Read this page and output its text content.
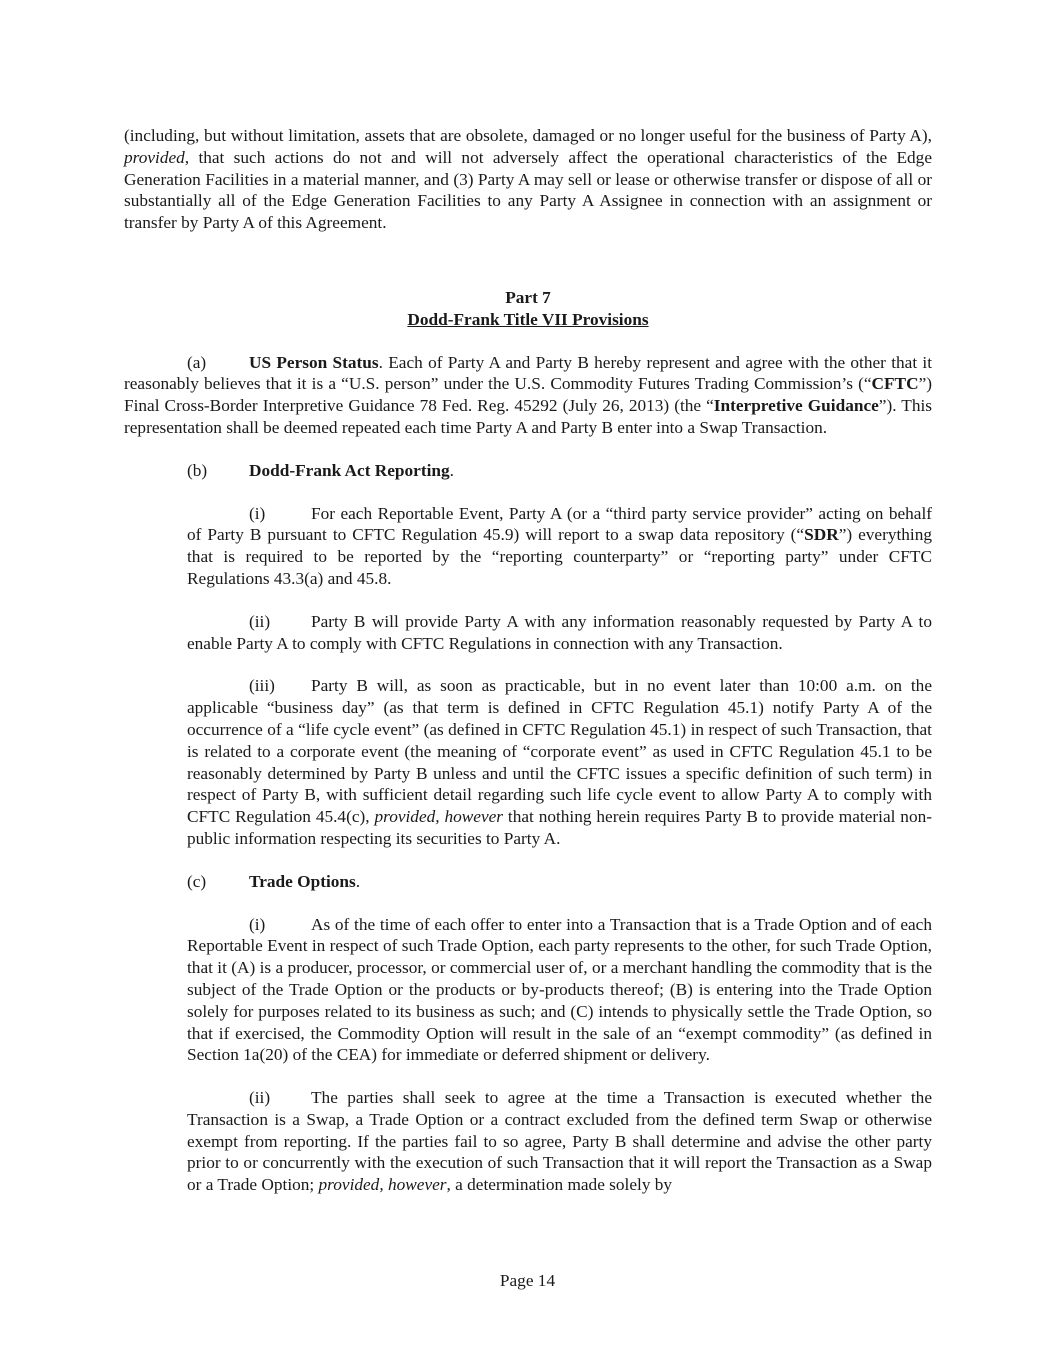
(including, but without limitation, assets that are obsolete, damaged or no longer useful for the business of Party A), provided, that such actions do not and will not adversely affect the operational characteristics of the Edge Generation Facilities in a material manner, and (3) Party A may sell or lease or otherwise transfer or dispose of all or substantially all of the Edge Generation Facilities to any Party A Assignee in connection with an assignment or transfer by Party A of this Agreement.

Part 7
Dodd-Frank Title VII Provisions

(a) US Person Status. Each of Party A and Party B hereby represent and agree with the other that it reasonably believes that it is a “U.S. person” under the U.S. Commodity Futures Trading Commission’s (“CFTC”) Final Cross-Border Interpretive Guidance 78 Fed. Reg. 45292 (July 26, 2013) (the “Interpretive Guidance”). This representation shall be deemed repeated each time Party A and Party B enter into a Swap Transaction.

(b) Dodd-Frank Act Reporting.

(i)	For each Reportable Event, Party A (or a “third party service provider” acting on behalf of Party B pursuant to CFTC Regulation 45.9) will report to a swap data repository (“SDR”) everything that is required to be reported by the “reporting counterparty” or “reporting party” under CFTC Regulations 43.3(a) and 45.8.

(ii) Party B will provide Party A with any information reasonably requested by Party A to enable Party A to comply with CFTC Regulations in connection with any Transaction.

(iii) Party B will, as soon as practicable, but in no event later than 10:00 a.m. on the applicable “business day” (as that term is defined in CFTC Regulation 45.1) notify Party A of the occurrence of a “life cycle event” (as defined in CFTC Regulation 45.1) in respect of such Transaction, that is related to a corporate event (the meaning of “corporate event” as used in CFTC Regulation 45.1 to be reasonably determined by Party B unless and until the CFTC issues a specific definition of such term) in respect of Party B, with sufficient detail regarding such life cycle event to allow Party A to comply with CFTC Regulation 45.4(c), provided, however that nothing herein requires Party B to provide material non-public information respecting its securities to Party A.

(c) Trade Options.

(i)	As of the time of each offer to enter into a Transaction that is a Trade Option and of each Reportable Event in respect of such Trade Option, each party represents to the other, for such Trade Option, that it (A) is a producer, processor, or commercial user of, or a merchant handling the commodity that is the subject of the Trade Option or the products or by-products thereof; (B) is entering into the Trade Option solely for purposes related to its business as such; and (C) intends to physically settle the Trade Option, so that if exercised, the Commodity Option will result in the sale of an “exempt commodity” (as defined in Section 1a(20) of the CEA) for immediate or deferred shipment or delivery.

(ii) The parties shall seek to agree at the time a Transaction is executed whether the Transaction is a Swap, a Trade Option or a contract excluded from the defined term Swap or otherwise exempt from reporting. If the parties fail to so agree, Party B shall determine and advise the other party prior to or concurrently with the execution of such Transaction that it will report the Transaction as a Swap or a Trade Option; provided, however, a determination made solely by

Page 14
